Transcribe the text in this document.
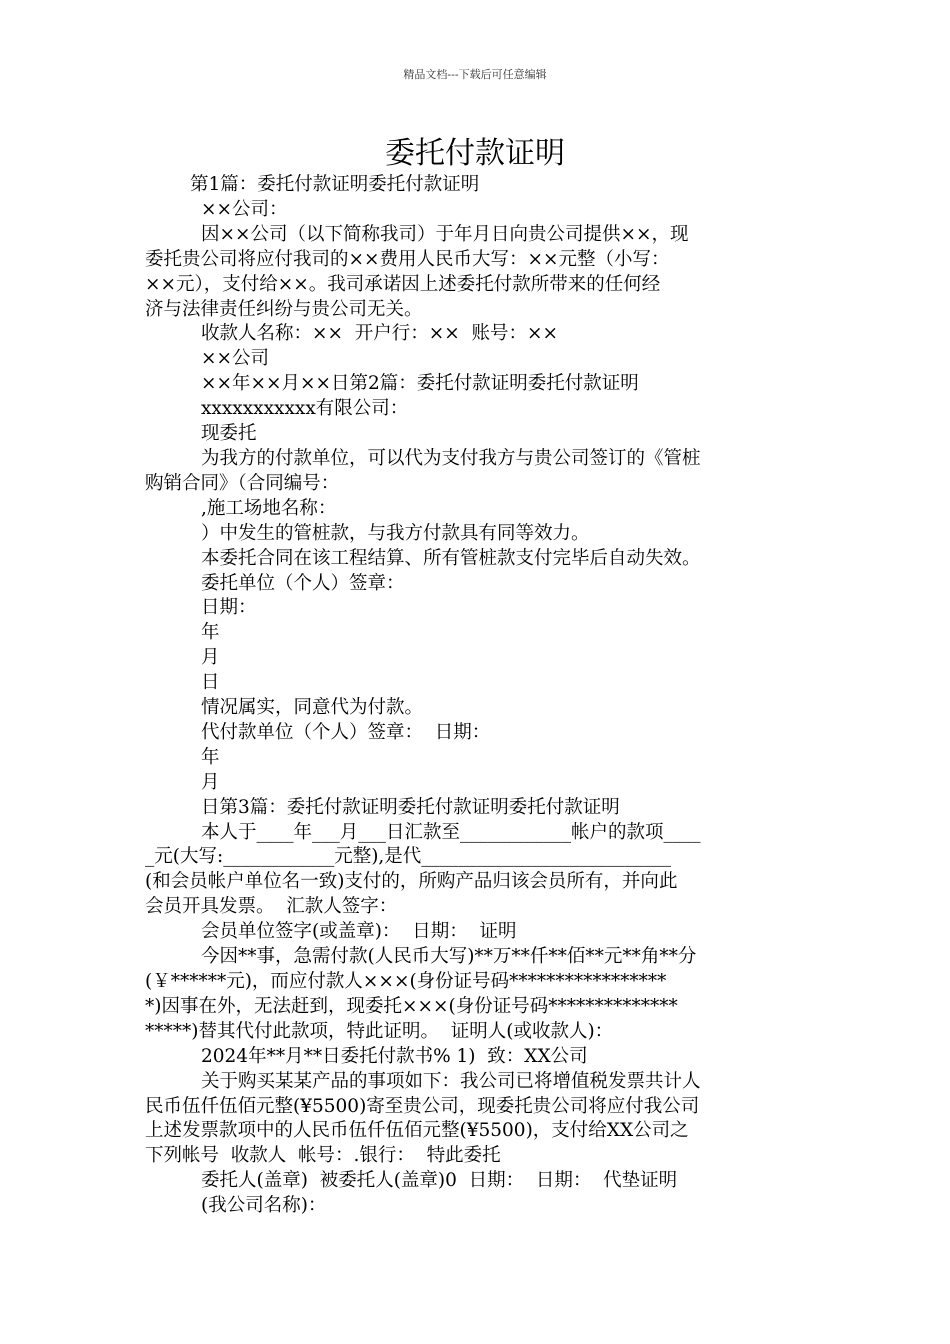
精品文档---下载后可任意编辑
委托付款证明

第1篇：委托付款证明委托付款证明

××公司：

因××公司（以下简称我司）于年月日向贵公司提供××，现

委托贵公司将应付我司的××费用人民币大写：××元整（小写：

××元），支付给××。我司承诺因上述委托付款所带来的任何经

济与法律责任纠纷与贵公司无关。

收款人名称：××  开户行：××  账号：××

××公司

××年××月××日第2篇：委托付款证明委托付款证明

xxxxxxxxxxx有限公司：

现委托

为我方的付款单位，可以代为支付我方与贵公司签订的《管桩

购销合同》（合同编号：

,施工场地名称：

）中发生的管桩款，与我方付款具有同等效力。

本委托合同在该工程结算、所有管桩款支付完毕后自动失效。

委托单位（个人）签章：

日期：

年

月

日

情况属实，同意代为付款。

代付款单位（个人）签章：  日期：

年

月

日第3篇：委托付款证明委托付款证明委托付款证明

本人于____年___月___日汇款至____________帐户的款项____

_元(大写:____________元整),是代___________________________

(和会员帐户单位名一致)支付的，所购产品归该会员所有，并向此

会员开具发票。  汇款人签字：

会员单位签字(或盖章)：  日期：  证明

今因**事，急需付款(人民币大写)**万**仟**佰**元**角**分

(￥******元)，而应付款人×××(身份证号码*****************

*)因事在外，无法赶到，现委托×××(身份证号码**************

*****)替其代付此款项，特此证明。  证明人(或收款人)：

2024年**月**日委托付款书% 1)  致：XX公司

关于购买某某产品的事项如下：我公司已将增值税发票共计人

民币伍仟伍佰元整(¥5500)寄至贵公司，现委托贵公司将应付我公司

上述发票款项中的人民币伍仟伍佰元整(¥5500)，支付给XX公司之

下列帐号  收款人  帐号：.银行：  特此委托

委托人(盖章)  被委托人(盖章)0  日期：  日期：  代垫证明

(我公司名称)：
